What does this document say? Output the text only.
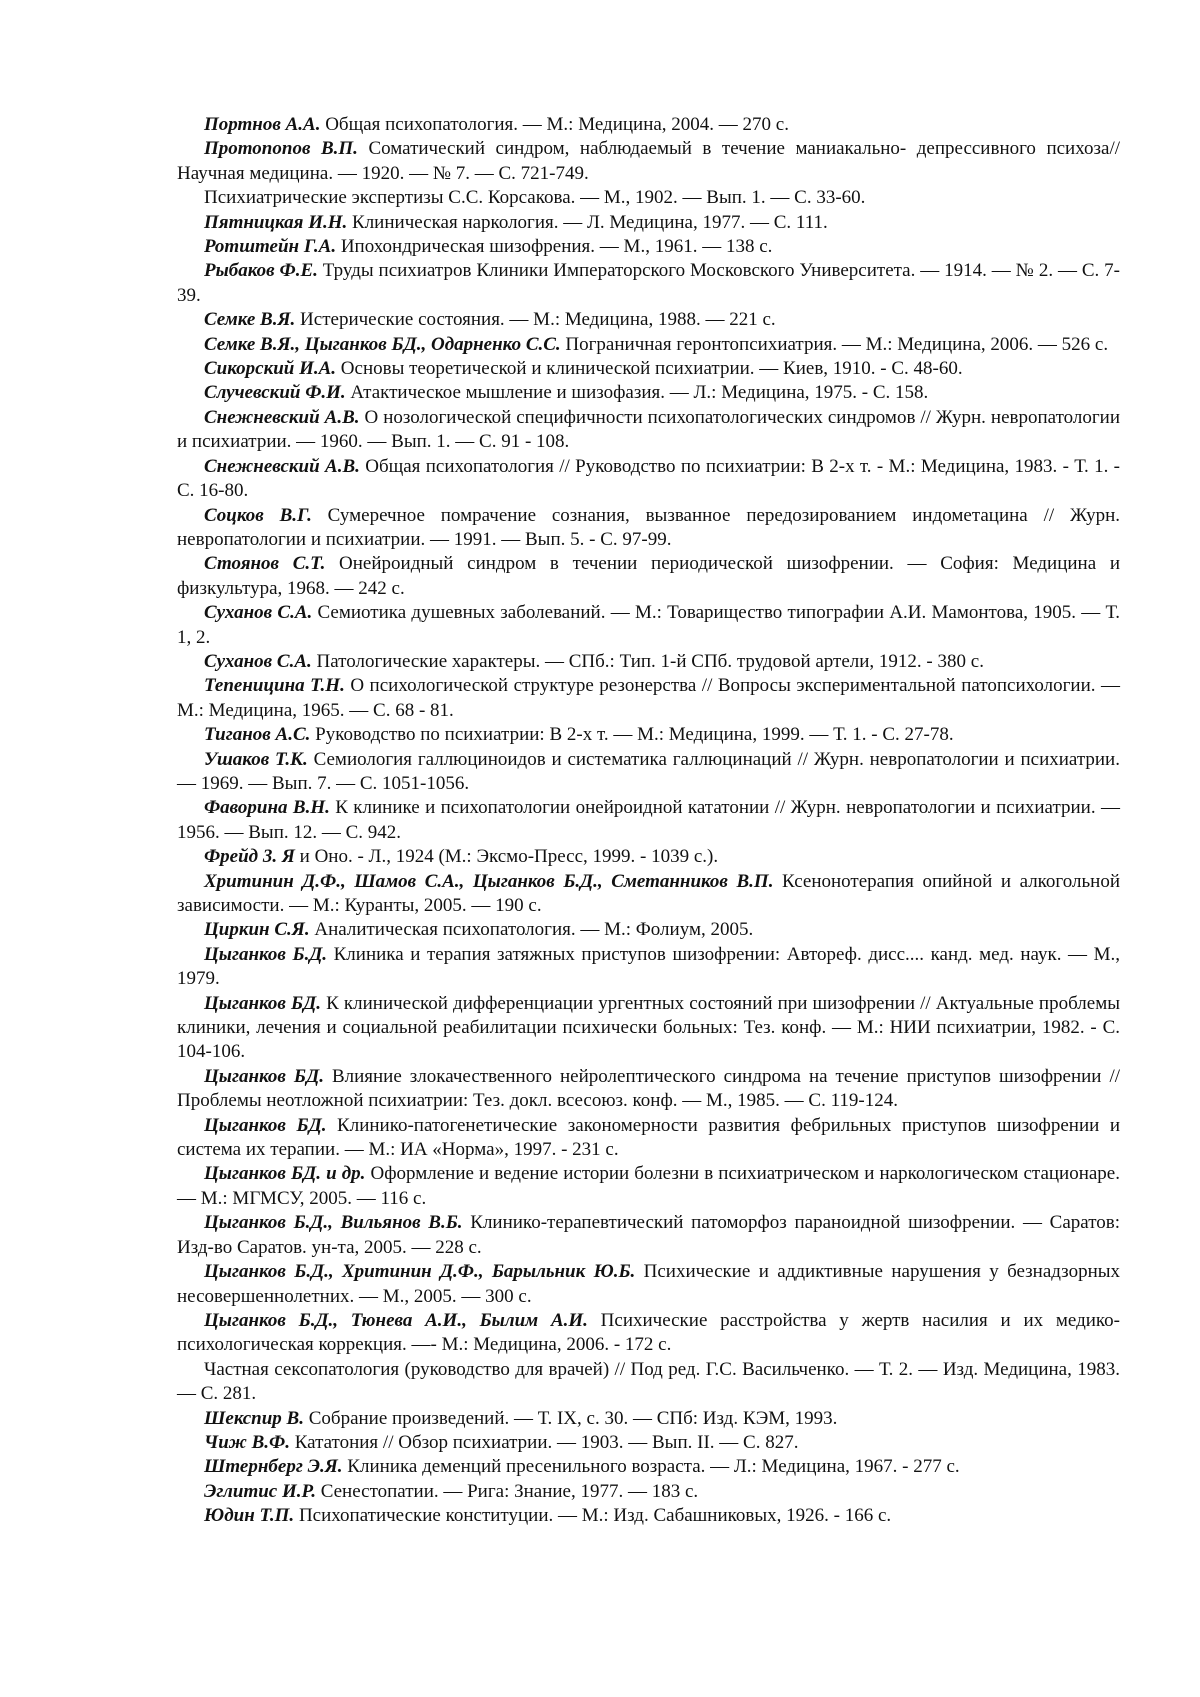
Портнов А.А. Общая психопатология. — М.: Медицина, 2004. — 270 с.

Протопопов В.П. Соматический синдром, наблюдаемый в течение маниакально- депрессивного психоза// Научная медицина. — 1920. — № 7. — С. 721-749.

Психиатрические экспертизы С.С. Корсакова. — М., 1902. — Вып. 1. — С. 33-60.

Пятницкая И.Н. Клиническая наркология. — Л. Медицина, 1977. — С. 111.

Ротштейн Г.А. Ипохондрическая шизофрения. — М., 1961. — 138 с.

Рыбаков Ф.Е. Труды психиатров Клиники Императорского Московского Университета. — 1914. — № 2. — С. 7-39.

Семке В.Я. Истерические состояния. — М.: Медицина, 1988. — 221 с.

Семке В.Я., Цыганков БД., Одарненко С.С. Пограничная геронтопсихиатрия. — М.: Медицина, 2006. — 526 с.

Сикорский И.А. Основы теоретической и клинической психиатрии. — Киев, 1910. - С. 48-60.

Случевский Ф.И. Атактическое мышление и шизофазия. — Л.: Медицина, 1975. - С. 158.

Снежневский А.В. О нозологической специфичности психопатологических синдромов // Журн. невропатологии и психиатрии. — 1960. — Вып. 1. — С. 91 - 108.

Снежневский А.В. Общая психопатология // Руководство по психиатрии: В 2-х т. - М.: Медицина, 1983. - Т. 1. - С. 16-80.

Соцков В.Г. Сумеречное помрачение сознания, вызванное передозированием индометацина // Журн. невропатологии и психиатрии. — 1991. — Вып. 5. - С. 97-99.

Стоянов С.Т. Онейроидный синдром в течении периодической шизофрении. — София: Медицина и физкультура, 1968. — 242 с.

Суханов С.А. Семиотика душевных заболеваний. — М.: Товарищество типографии А.И. Мамонтова, 1905. — Т. 1, 2.

Суханов С.А. Патологические характеры. — СПб.: Тип. 1-й СПб. трудовой артели, 1912. - 380 с.

Тепеницина Т.Н. О психологической структуре резонерства // Вопросы экспериментальной патопсихологии. — М.: Медицина, 1965. — С. 68 - 81.

Тиганов А.С. Руководство по психиатрии: В 2-х т. — М.: Медицина, 1999. — Т. 1. - С. 27-78.

Ушаков Т.К. Семиология галлюциноидов и систематика галлюцинаций // Журн. невропатологии и психиатрии. — 1969. — Вып. 7. — С. 1051-1056.

Фаворина В.Н. К клинике и психопатологии онейроидной кататонии // Журн. невропатологии и психиатрии. — 1956. — Вып. 12. — С. 942.

Фрейд 3. Я и Оно. - Л., 1924 (М.: Эксмо-Пресс, 1999. - 1039 с.).

Хритинин Д.Ф., Шамов С.А., Цыганков Б.Д., Сметанников В.П. Ксенонотерапия опийной и алкогольной зависимости. — М.: Куранты, 2005. — 190 с.

Циркин С.Я. Аналитическая психопатология. — М.: Фолиум, 2005.

Цыганков Б.Д. Клиника и терапия затяжных приступов шизофрении: Автореф. дисс.... канд. мед. наук. — М., 1979.

Цыганков БД. К клинической дифференциации ургентных состояний при шизофрении // Актуальные проблемы клиники, лечения и социальной реабилитации психически больных: Тез. конф. — М.: НИИ психиатрии, 1982. - С. 104-106.

Цыганков БД. Влияние злокачественного нейролептического синдрома на течение приступов шизофрении // Проблемы неотложной психиатрии: Тез. докл. всесоюз. конф. — М., 1985. — С. 119-124.

Цыганков БД. Клинико-патогенетические закономерности развития фебрильных приступов шизофрении и система их терапии. — М.: ИА «Норма», 1997. - 231 с.

Цыганков БД. и др. Оформление и ведение истории болезни в психиатрическом и наркологическом стационаре. — М.: МГМСУ, 2005. — 116 с.

Цыганков Б.Д., Вильянов В.Б. Клинико-терапевтический патоморфоз параноидной шизофрении. — Саратов: Изд-во Саратов. ун-та, 2005. — 228 с.

Цыганков Б.Д., Хритинин Д.Ф., Барыльник Ю.Б. Психические и аддиктивные нарушения у безнадзорных несовершеннолетних. — М., 2005. — 300 с.

Цыганков Б.Д., Тюнева А.И., Былим А.И. Психические расстройства у жертв насилия и их медико-психологическая коррекция. —- М.: Медицина, 2006. - 172 с.

Частная сексопатология (руководство для врачей) // Под ред. Г.С. Васильченко. — Т. 2. — Изд. Медицина, 1983. — С. 281.

Шекспир В. Собрание произведений. — Т. IX, с. 30. — СПб: Изд. КЭМ, 1993.

Чиж В.Ф. Кататония // Обзор психиатрии. — 1903. — Вып. II. — С. 827.

Штернберг Э.Я. Клиника деменций пресенильного возраста. — Л.: Медицина, 1967. - 277 с.

Эглитис И.Р. Сенестопатии. — Рига: Знание, 1977. — 183 с.

Юдин Т.П. Психопатические конституции. — М.: Изд. Сабашниковых, 1926. - 166 с.
